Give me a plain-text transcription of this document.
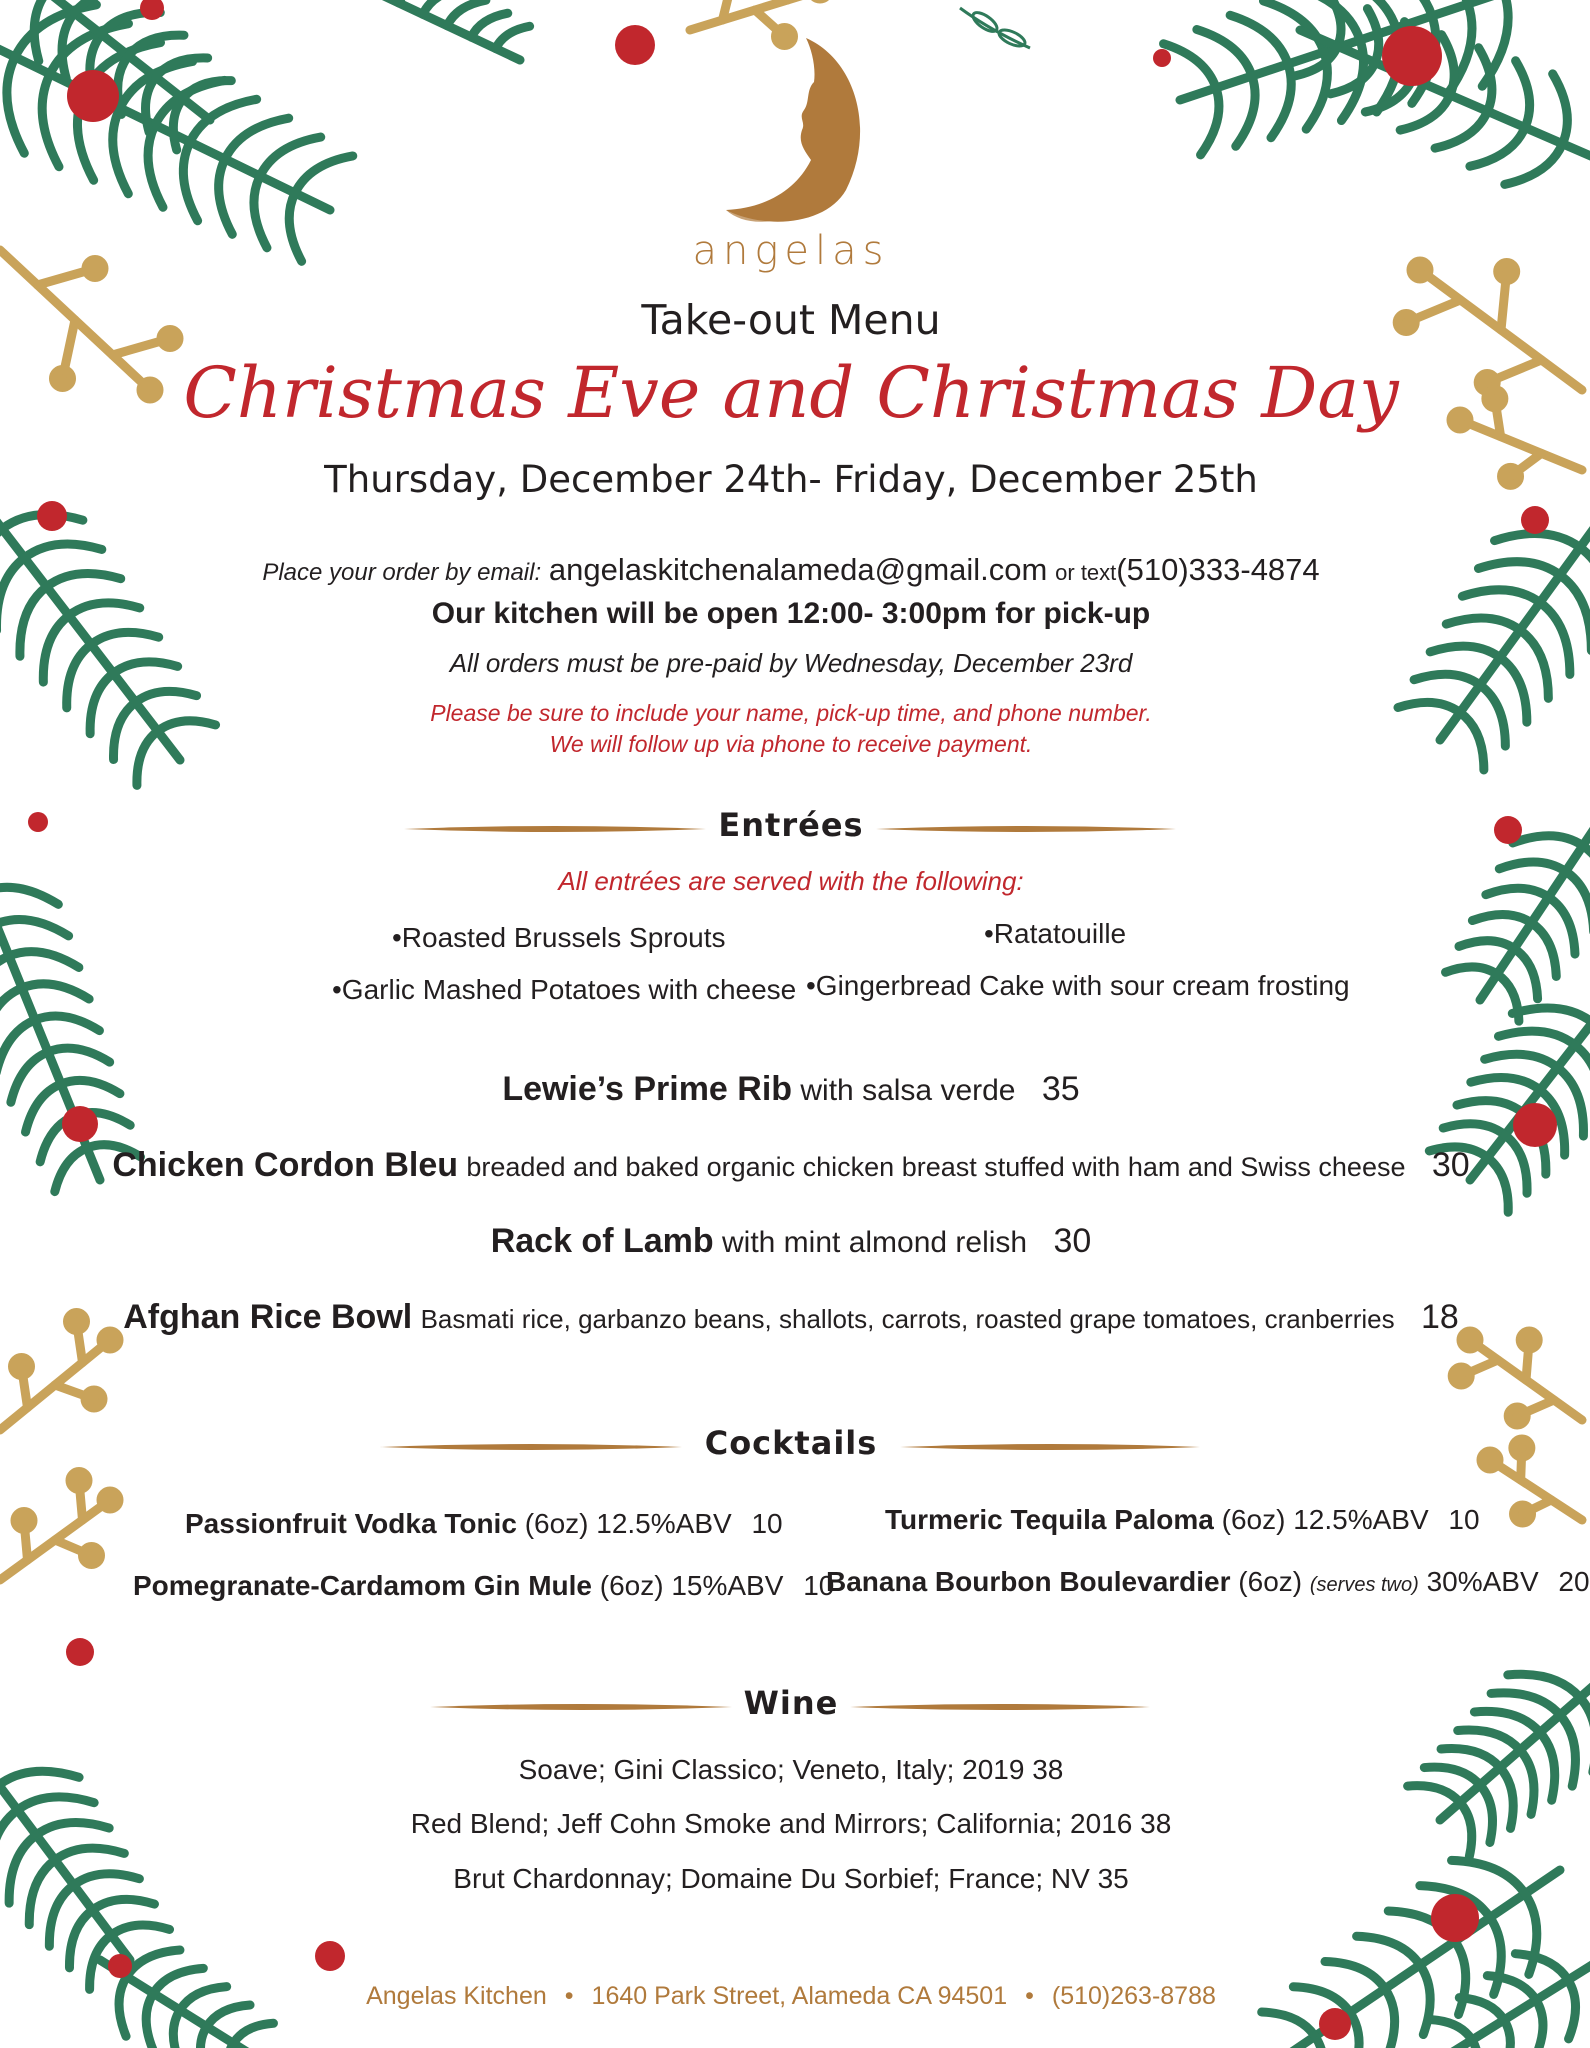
angelas
Take-out Menu
Christmas Eve and Christmas Day
Thursday, December 24th- Friday, December 25th
Place your order by email: angelaskitchenalameda@gmail.com or text(510)333-4874
Our kitchen will be open 12:00- 3:00pm for pick-up
All orders must be pre-paid by Wednesday, December 23rd
Please be sure to include your name, pick-up time, and phone number.
We will follow up via phone to receive payment.
Entrées
All entrées are served with the following:
•Roasted Brussels Sprouts	•Ratatouille
•Garlic Mashed Potatoes with cheese •Gingerbread Cake with sour cream frosting
Lewie’s Prime Rib with salsa verde 35
Chicken Cordon Bleu breaded and baked organic chicken breast stuffed with ham and Swiss cheese 30
Rack of Lamb with mint almond relish 30
Afghan Rice Bowl Basmati rice, garbanzo beans, shallots, carrots, roasted grape tomatoes, cranberries 18
Cocktails
Passionfruit Vodka Tonic (6oz) 12.5%ABV 10	Turmeric Tequila Paloma (6oz) 12.5%ABV 10
Pomegranate-Cardamom Gin Mule (6oz) 15%ABV 10
Banana Bourbon Boulevardier (6oz) (serves two) 30%ABV 20
Wine
Soave; Gini Classico; Veneto, Italy; 2019 38
Red Blend; Jeff Cohn Smoke and Mirrors; California; 2016 38
Brut Chardonnay; Domaine Du Sorbief; France; NV 35
Angelas Kitchen • 1640 Park Street, Alameda CA 94501 • (510)263-8788
